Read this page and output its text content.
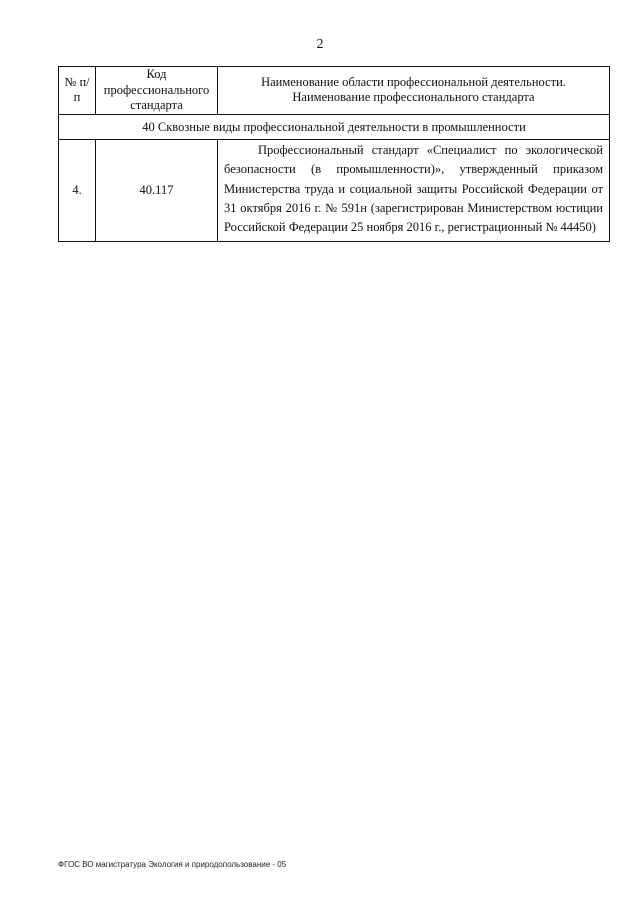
2
№ п/п	Код профессионального стандарта	Наименование области профессиональной деятельности.
Наименование профессионального стандарта
40 Сквозные виды профессиональной деятельности в промышленности		
4.	40.117	Профессиональный стандарт «Специалист по экологической безопасности (в промышленности)», утвержденный приказом Министерства труда и социальной защиты Российской Федерации от 31 октября 2016 г. № 591н (зарегистрирован Министерством юстиции Российской Федерации 25 ноября 2016 г., регистрационный № 44450)
ФГОС ВО магистратура Экология и природопользование - 05
